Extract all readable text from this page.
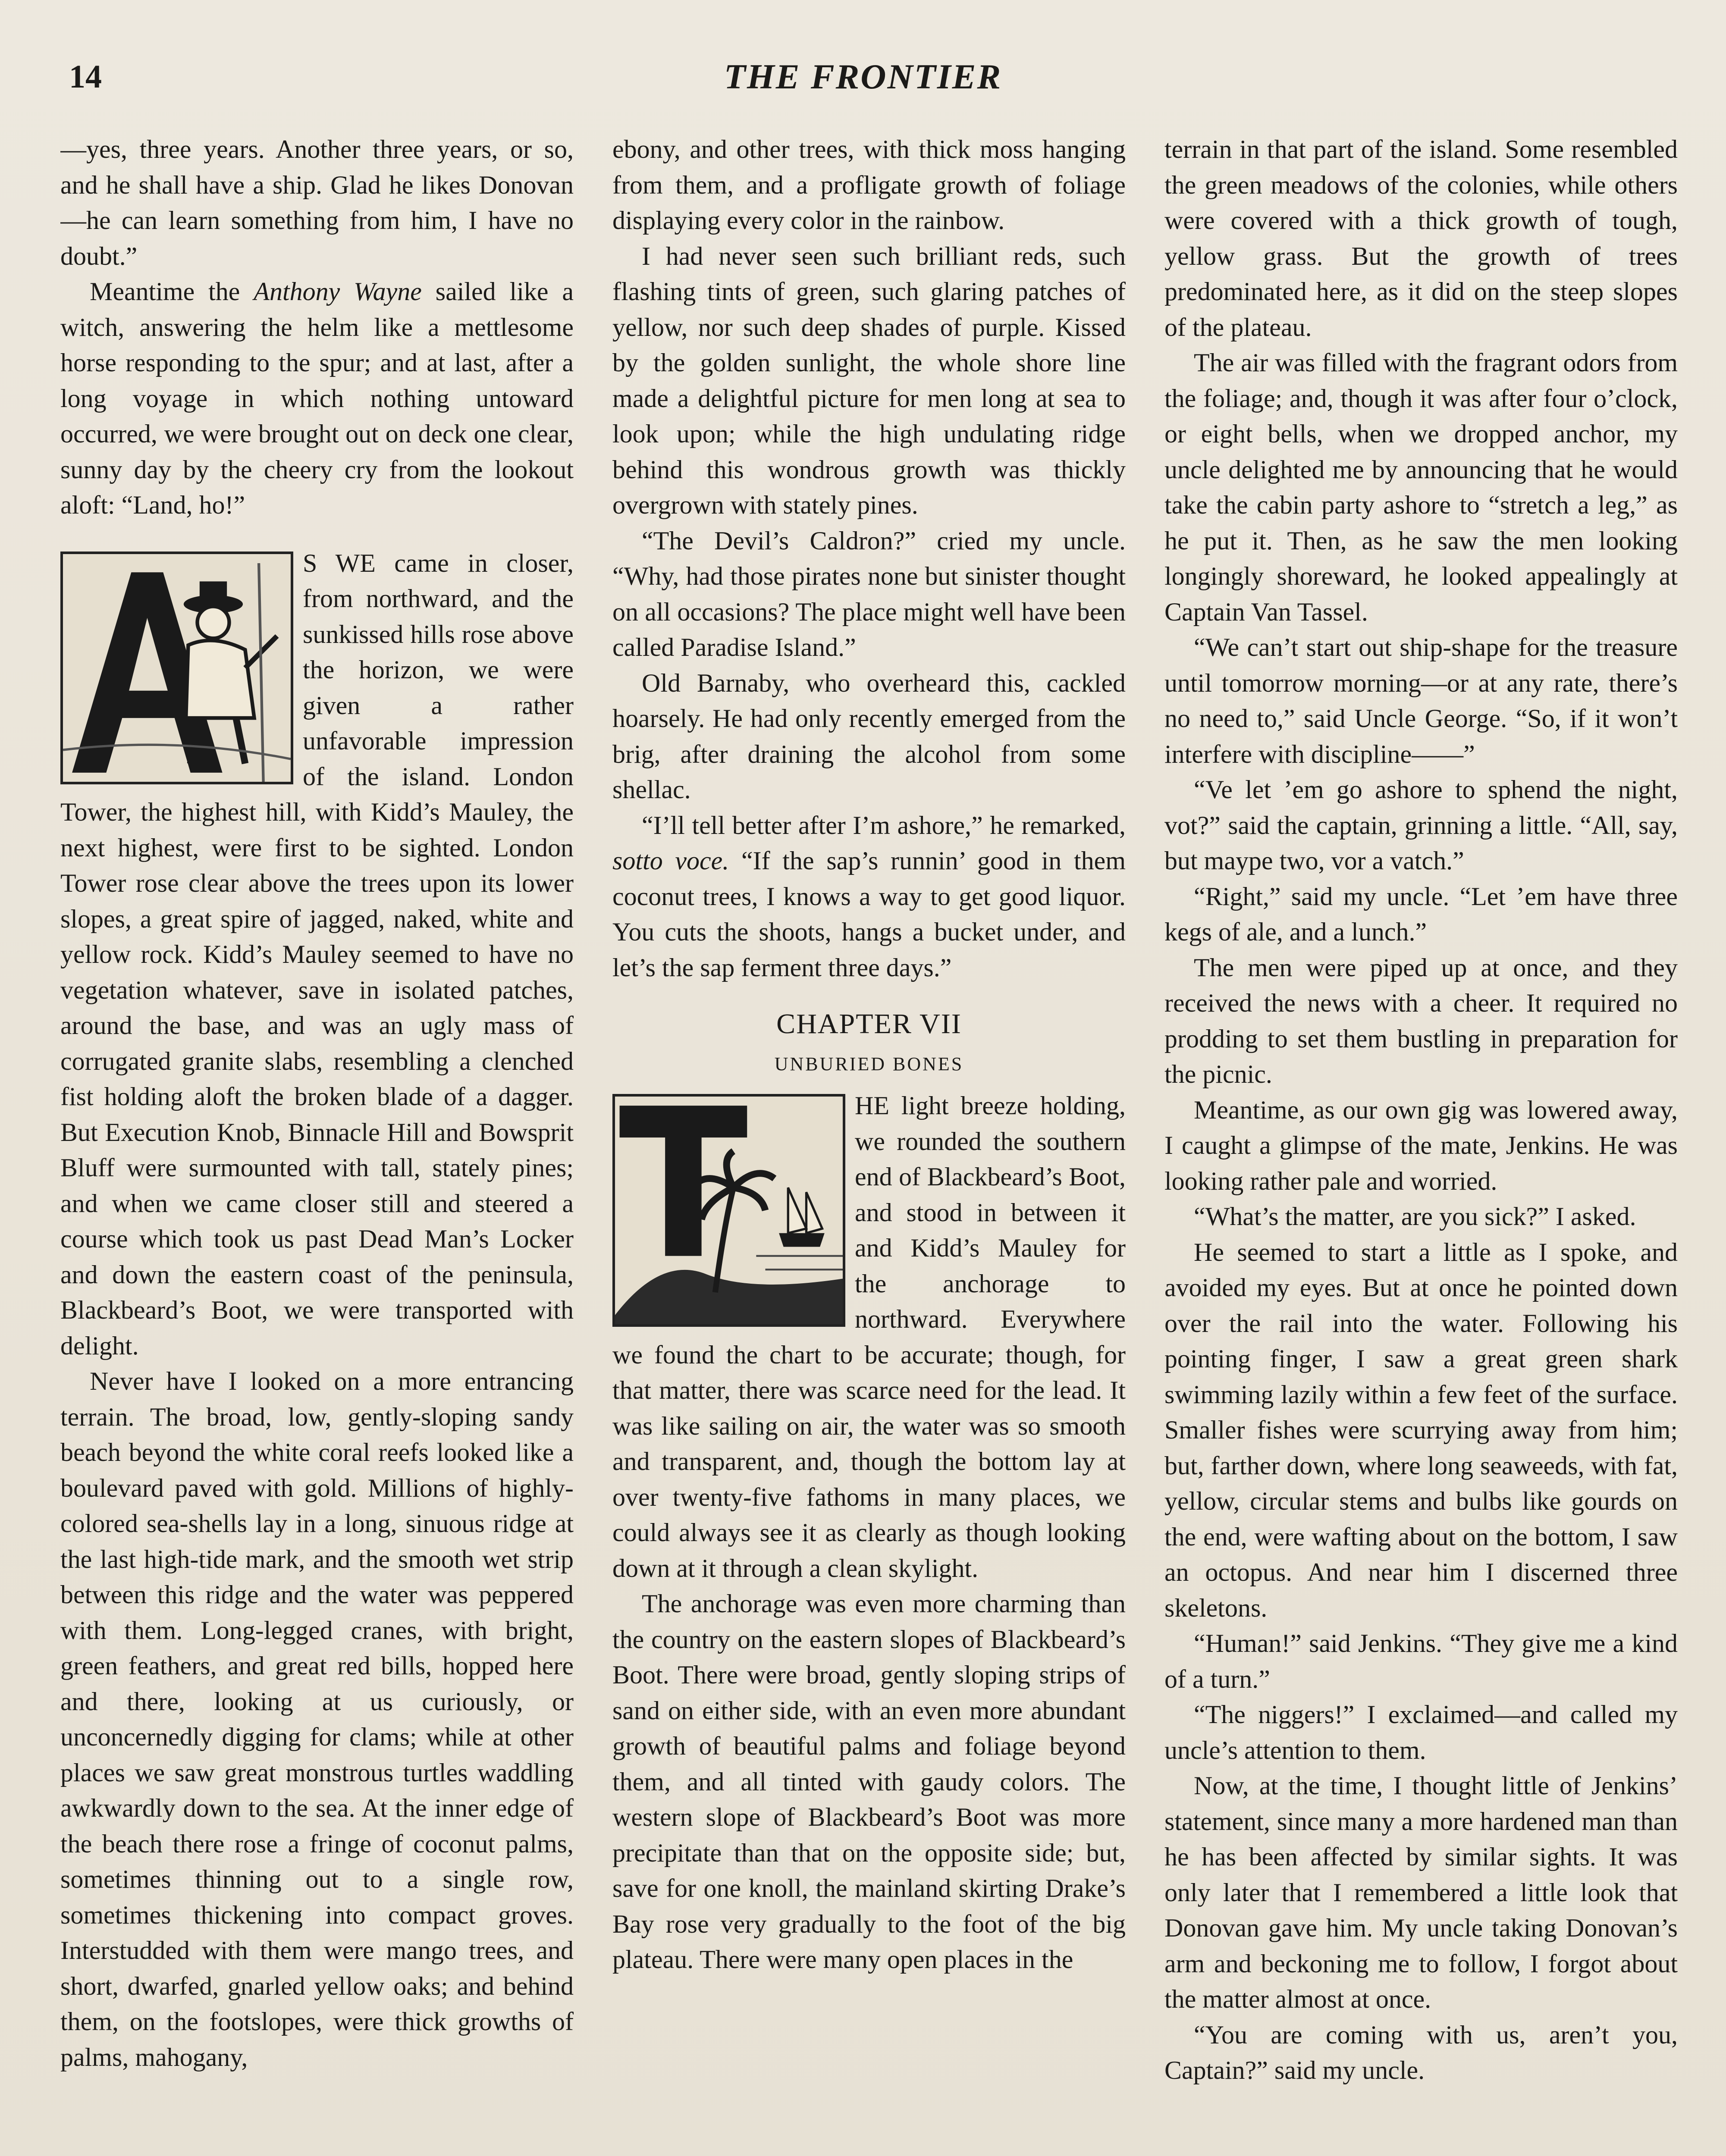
14	THE FRONTIER

—yes, three years. Another three years, or so, and he shall have a ship. Glad he likes Donovan—he can learn something from him, I have no doubt.”

Meantime the Anthony Wayne sailed like a witch, answering the helm like a mettlesome horse responding to the spur; and at last, after a long voyage in which nothing untoward occurred, we were brought out on deck one clear, sunny day by the cheery cry from the lookout aloft: “Land, ho!”

S WE came in closer, from northward, and the sunkissed hills rose above the horizon, we were given a rather unfavorable impression of the island. London Tower, the highest hill, with Kidd’s Mauley, the next highest, were first to be sighted. London Tower rose clear above the trees upon its lower slopes, a great spire of jagged, naked, white and yellow rock. Kidd’s Mauley seemed to have no vegetation whatever, save in isolated patches, around the base, and was an ugly mass of corrugated granite slabs, resembling a clenched fist holding aloft the broken blade of a dagger. But Execution Knob, Binnacle Hill and Bowsprit Bluff were surmounted with tall, stately pines; and when we came closer still and steered a course which took us past Dead Man’s Locker and down the eastern coast of the peninsula, Blackbeard’s Boot, we were transported with delight.

Never have I looked on a more entrancing terrain. The broad, low, gently-sloping sandy beach beyond the white coral reefs looked like a boulevard paved with gold. Millions of highly-colored sea-shells lay in a long, sinuous ridge at the last high-tide mark, and the smooth wet strip between this ridge and the water was peppered with them. Long-legged cranes, with bright, green feathers, and great red bills, hopped here and there, looking at us curiously, or unconcernedly digging for clams; while at other places we saw great monstrous turtles waddling awkwardly down to the sea. At the inner edge of the beach there rose a fringe of coconut palms, sometimes thinning out to a single row, sometimes thickening into compact groves. Interstudded with them were mango trees, and short, dwarfed, gnarled yellow oaks; and behind them, on the footslopes, were thick growths of palms, mahogany,

ebony, and other trees, with thick moss hanging from them, and a profligate growth of foliage displaying every color in the rainbow.

I had never seen such brilliant reds, such flashing tints of green, such glaring patches of yellow, nor such deep shades of purple. Kissed by the golden sunlight, the whole shore line made a delightful picture for men long at sea to look upon; while the high undulating ridge behind this wondrous growth was thickly overgrown with stately pines.

“The Devil’s Caldron?” cried my uncle. “Why, had those pirates none but sinister thought on all occasions? The place might well have been called Paradise Island.”

Old Barnaby, who overheard this, cackled hoarsely. He had only recently emerged from the brig, after draining the alcohol from some shellac.

“I’ll tell better after I’m ashore,” he remarked, sotto voce. “If the sap’s runnin’ good in them coconut trees, I knows a way to get good liquor. You cuts the shoots, hangs a bucket under, and let’s the sap ferment three days.”

CHAPTER VII
UNBURIED BONES

HE light breeze holding, we rounded the southern end of Blackbeard’s Boot, and stood in between it and Kidd’s Mauley for the anchorage to northward. Everywhere we found the chart to be accurate; though, for that matter, there was scarce need for the lead. It was like sailing on air, the water was so smooth and transparent, and, though the bottom lay at over twenty-five fathoms in many places, we could always see it as clearly as though looking down at it through a clean skylight.

The anchorage was even more charming than the country on the eastern slopes of Blackbeard’s Boot. There were broad, gently sloping strips of sand on either side, with an even more abundant growth of beautiful palms and foliage beyond them, and all tinted with gaudy colors. The western slope of Blackbeard’s Boot was more precipitate than that on the opposite side; but, save for one knoll, the mainland skirting Drake’s Bay rose very gradually to the foot of the big plateau. There were many open places in the

terrain in that part of the island. Some resembled the green meadows of the colonies, while others were covered with a thick growth of tough, yellow grass. But the growth of trees predominated here, as it did on the steep slopes of the plateau.

The air was filled with the fragrant odors from the foliage; and, though it was after four o’clock, or eight bells, when we dropped anchor, my uncle delighted me by announcing that he would take the cabin party ashore to “stretch a leg,” as he put it. Then, as he saw the men looking longingly shoreward, he looked appealingly at Captain Van Tassel.

“We can’t start out ship-shape for the treasure until tomorrow morning—or at any rate, there’s no need to,” said Uncle George. “So, if it won’t interfere with discipline——”

“Ve let ’em go ashore to sphend the night, vot?” said the captain, grinning a little. “All, say, but maype two, vor a vatch.”

“Right,” said my uncle. “Let ’em have three kegs of ale, and a lunch.”

The men were piped up at once, and they received the news with a cheer. It required no prodding to set them bustling in preparation for the picnic.

Meantime, as our own gig was lowered away, I caught a glimpse of the mate, Jenkins. He was looking rather pale and worried.

“What’s the matter, are you sick?” I asked.

He seemed to start a little as I spoke, and avoided my eyes. But at once he pointed down over the rail into the water. Following his pointing finger, I saw a great green shark swimming lazily within a few feet of the surface. Smaller fishes were scurrying away from him; but, farther down, where long seaweeds, with fat, yellow, circular stems and bulbs like gourds on the end, were wafting about on the bottom, I saw an octopus. And near him I discerned three skeletons.

“Human!” said Jenkins. “They give me a kind of a turn.”

“The niggers!” I exclaimed—and called my uncle’s attention to them.

Now, at the time, I thought little of Jenkins’ statement, since many a more hardened man than he has been affected by similar sights. It was only later that I remembered a little look that Donovan gave him. My uncle taking Donovan’s arm and beckoning me to follow, I forgot about the matter almost at once.

“You are coming with us, aren’t you, Captain?” said my uncle.
